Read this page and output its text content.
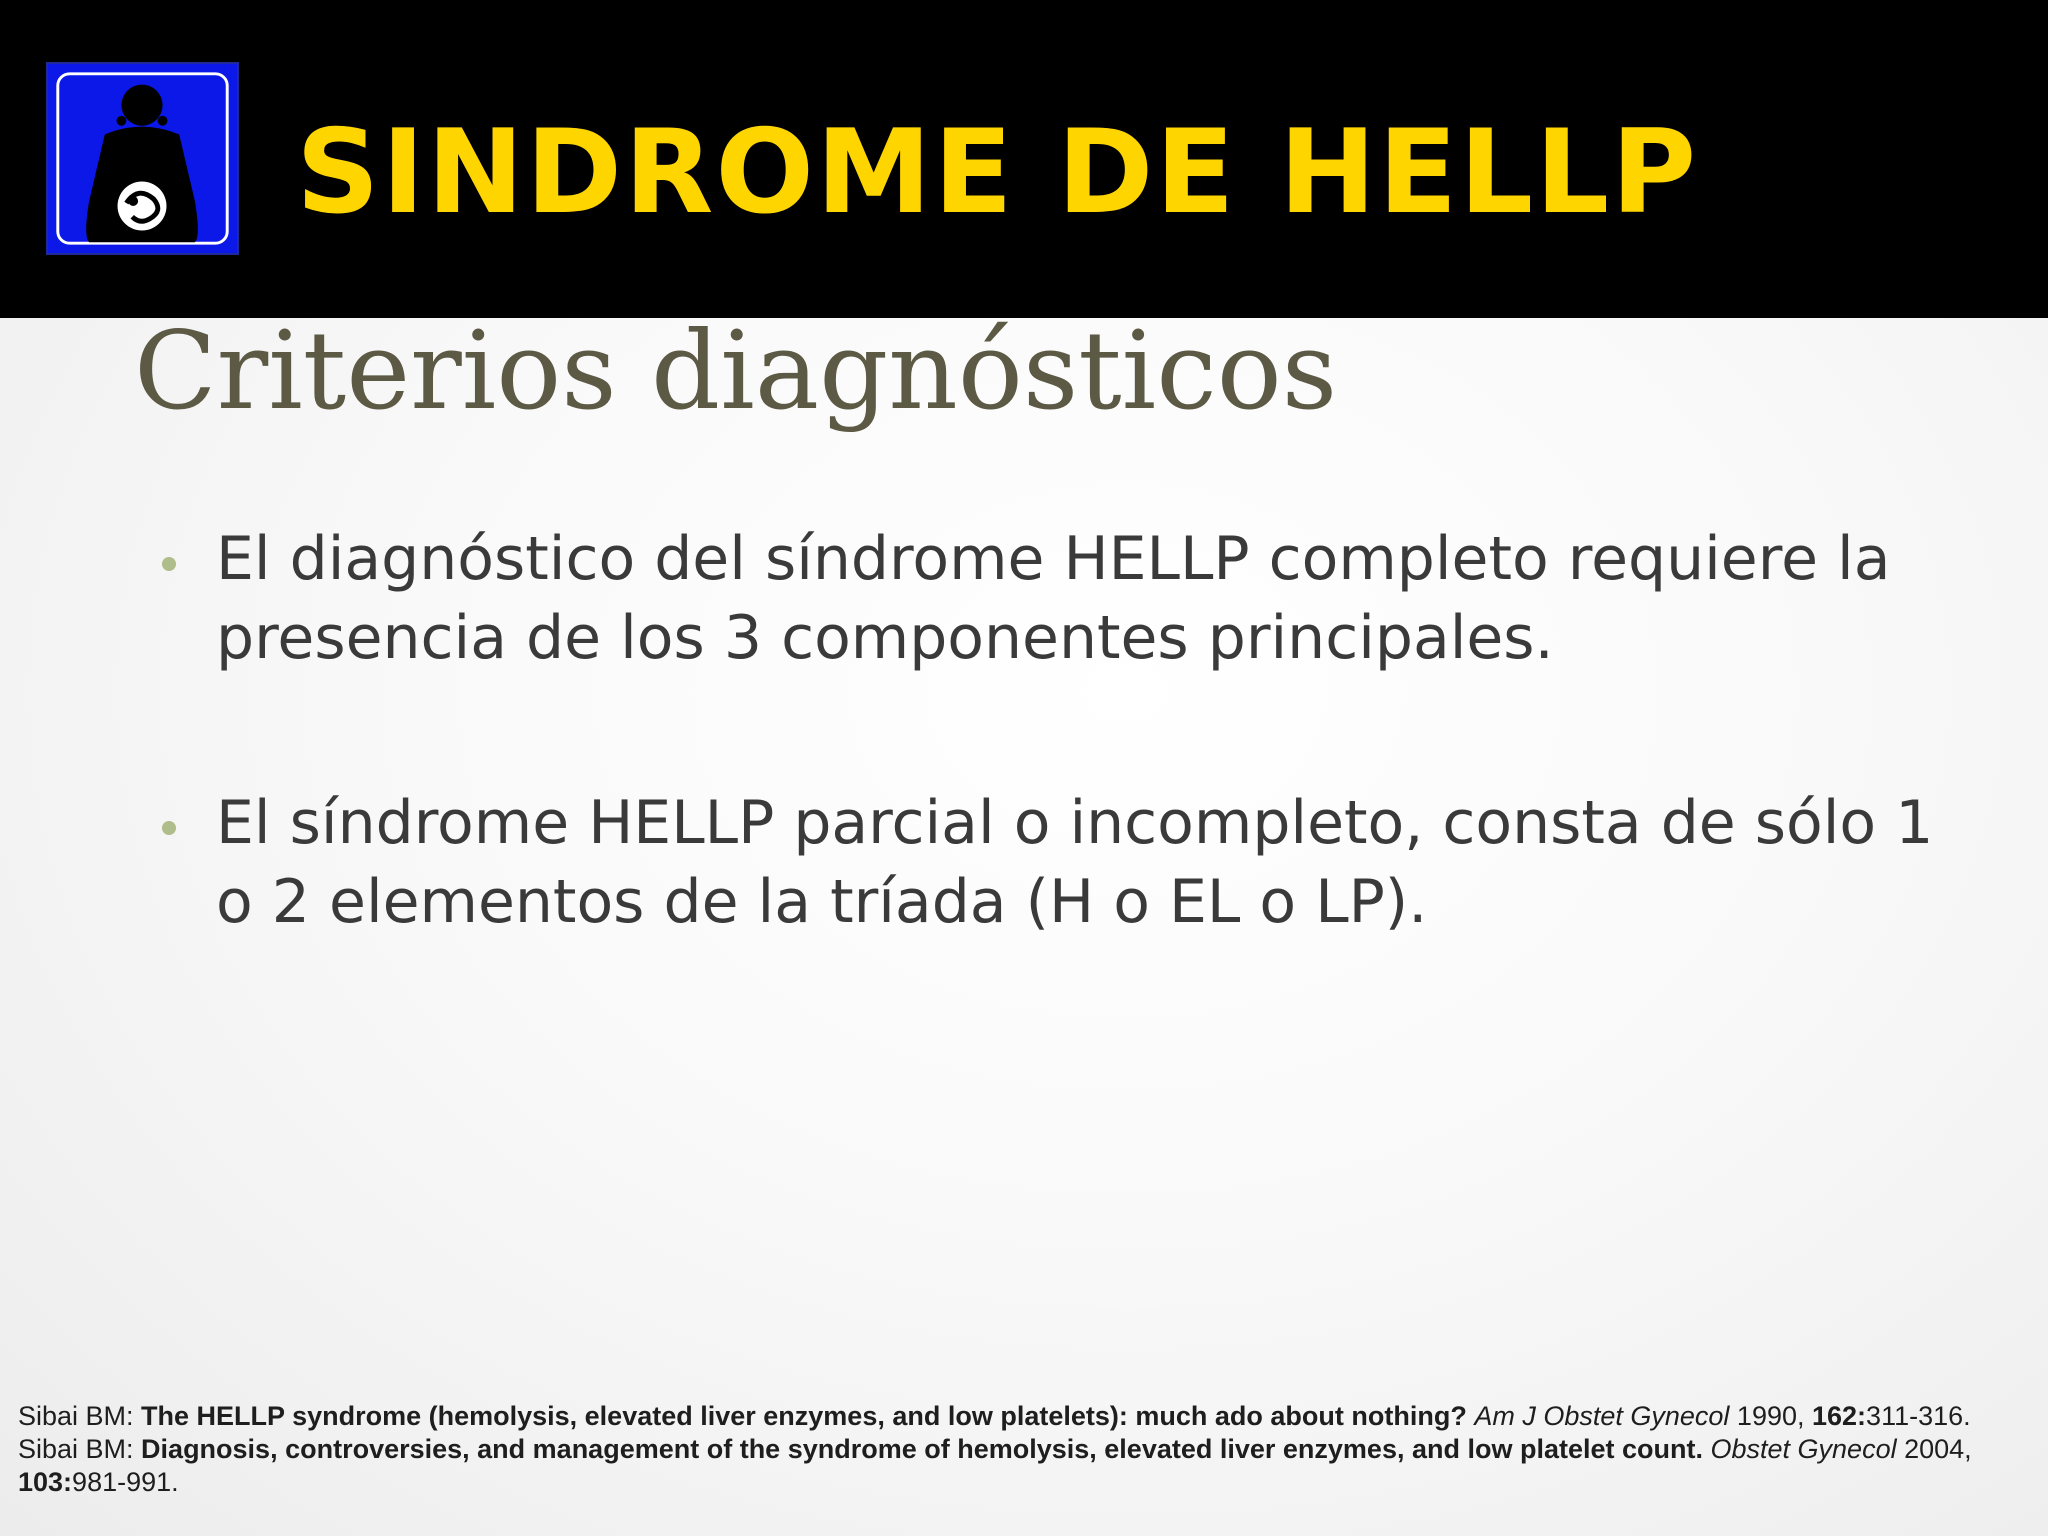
SINDROME DE HELLP
Criterios diagnósticos
El diagnóstico del síndrome HELLP completo requiere la presencia de los 3 componentes principales.
El síndrome HELLP parcial o incompleto, consta de sólo 1 o 2 elementos de la tríada (H o EL o LP).

Sibai BM: The HELLP syndrome (hemolysis, elevated liver enzymes, and low platelets): much ado about nothing? Am J Obstet Gynecol 1990, 162:311-316.

Sibai BM: Diagnosis, controversies, and management of the syndrome of hemolysis, elevated liver enzymes, and low platelet count. Obstet Gynecol 2004, 103:981-991.
